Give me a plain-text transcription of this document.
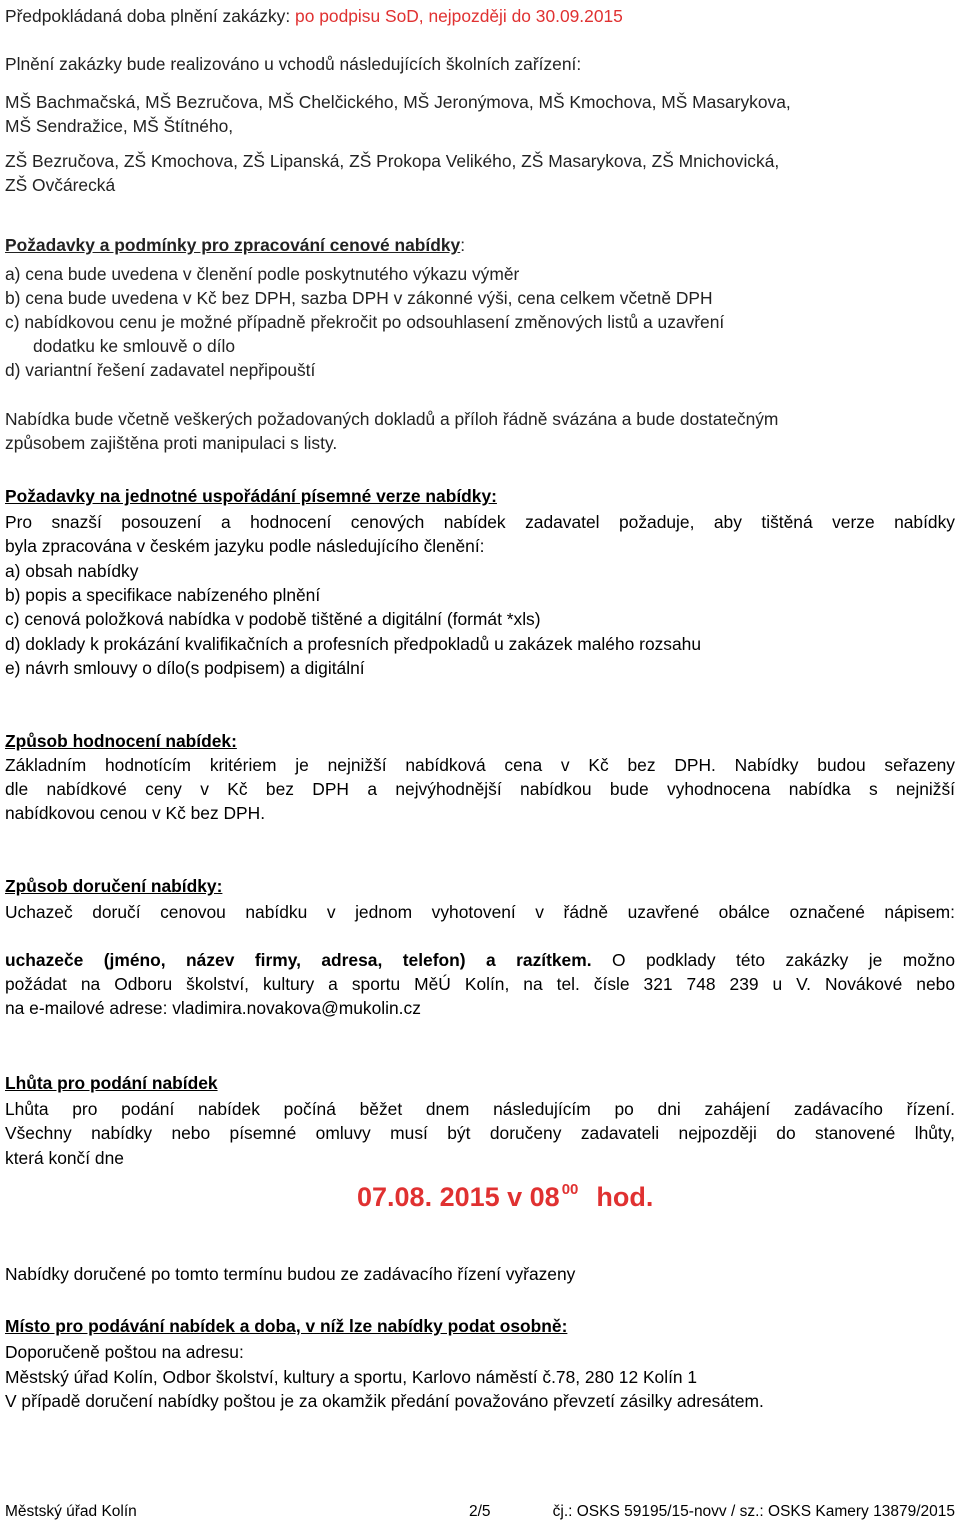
Předpokládaná doba plnění zakázky: po podpisu SoD, nejpozději do 30.09.2015
Plnění zakázky bude realizováno u vchodů následujících školních zařízení:
MŠ Bachmačská, MŠ Bezručova, MŠ Chelčického, MŠ Jeronýmova, MŠ Kmochova, MŠ Masarykova,
MŠ Sendražice, MŠ Štítného,
ZŠ Bezručova, ZŠ Kmochova, ZŠ Lipanská, ZŠ Prokopa Velikého, ZŠ Masarykova, ZŠ Mnichovická,
ZŠ Ovčárecká
Požadavky a podmínky pro zpracování cenové nabídky:
a) cena bude uvedena v členění podle poskytnutého výkazu výměr
b) cena bude uvedena v Kč bez DPH, sazba DPH v zákonné výši, cena celkem včetně DPH
c) nabídkovou cenu je možné případně překročit po odsouhlasení změnových listů a uzavření
dodatku ke smlouvě o dílo
d) variantní řešení zadavatel nepřipouští
Nabídka bude včetně veškerých požadovaných dokladů a příloh řádně svázána a bude dostatečným
způsobem zajištěna proti manipulaci s listy.
Požadavky na jednotné uspořádání písemné verze nabídky:
Pro snazší posouzení a hodnocení cenových nabídek zadavatel požaduje, aby tištěná verze nabídky
byla zpracována v českém jazyku podle následujícího členění:
a) obsah nabídky
b) popis a specifikace nabízeného plnění
c) cenová položková nabídka v podobě tištěné a digitální (formát *xls)
d) doklady k prokázání kvalifikačních a profesních předpokladů u zakázek malého rozsahu
e) návrh smlouvy o dílo(s podpisem) a digitální
Způsob hodnocení nabídek:
Základním hodnotícím kritériem je nejnižší nabídková cena v Kč bez DPH. Nabídky budou seřazeny
dle nabídkové ceny v Kč bez DPH a nejvýhodnější nabídkou bude vyhodnocena nabídka s nejnižší
nabídkovou cenou v Kč bez DPH.
Způsob doručení nabídky:
Uchazeč doručí cenovou nabídku v jednom vyhotovení v řádně uzavřené obálce označené nápisem:
uchazeče (jméno, název firmy, adresa, telefon) a razítkem. O podklady této zakázky je možno
požádat na Odboru školství, kultury a sportu MěÚ Kolín, na tel. čísle 321 748 239 u V. Novákové nebo
na e-mailové adrese: vladimira.novakova@mukolin.cz
Lhůta pro podání nabídek
Lhůta pro podání nabídek počíná běžet dnem následujícím po dni zahájení zadávacího řízení.
Všechny nabídky nebo písemné omluvy musí být doručeny zadavateli nejpozději do stanovené lhůty,
která končí dne
07.08. 2015 v 08 $^{00}$ hod.
Nabídky doručené po tomto termínu budou ze zadávacího řízení vyřazeny
Místo pro podávání nabídek a doba, v níž lze nabídky podat osobně:
Doporučeně poštou na adresu:
Městský úřad Kolín, Odbor školství, kultury a sportu, Karlovo náměstí č.78, 280 12 Kolín 1
V případě doručení nabídky poštou je za okamžik předání považováno převzetí zásilky adresátem.
Městský úřad Kolín	2/5	čj.: OSKS 59195/15-novv / sz.: OSKS Kamery 13879/2015
